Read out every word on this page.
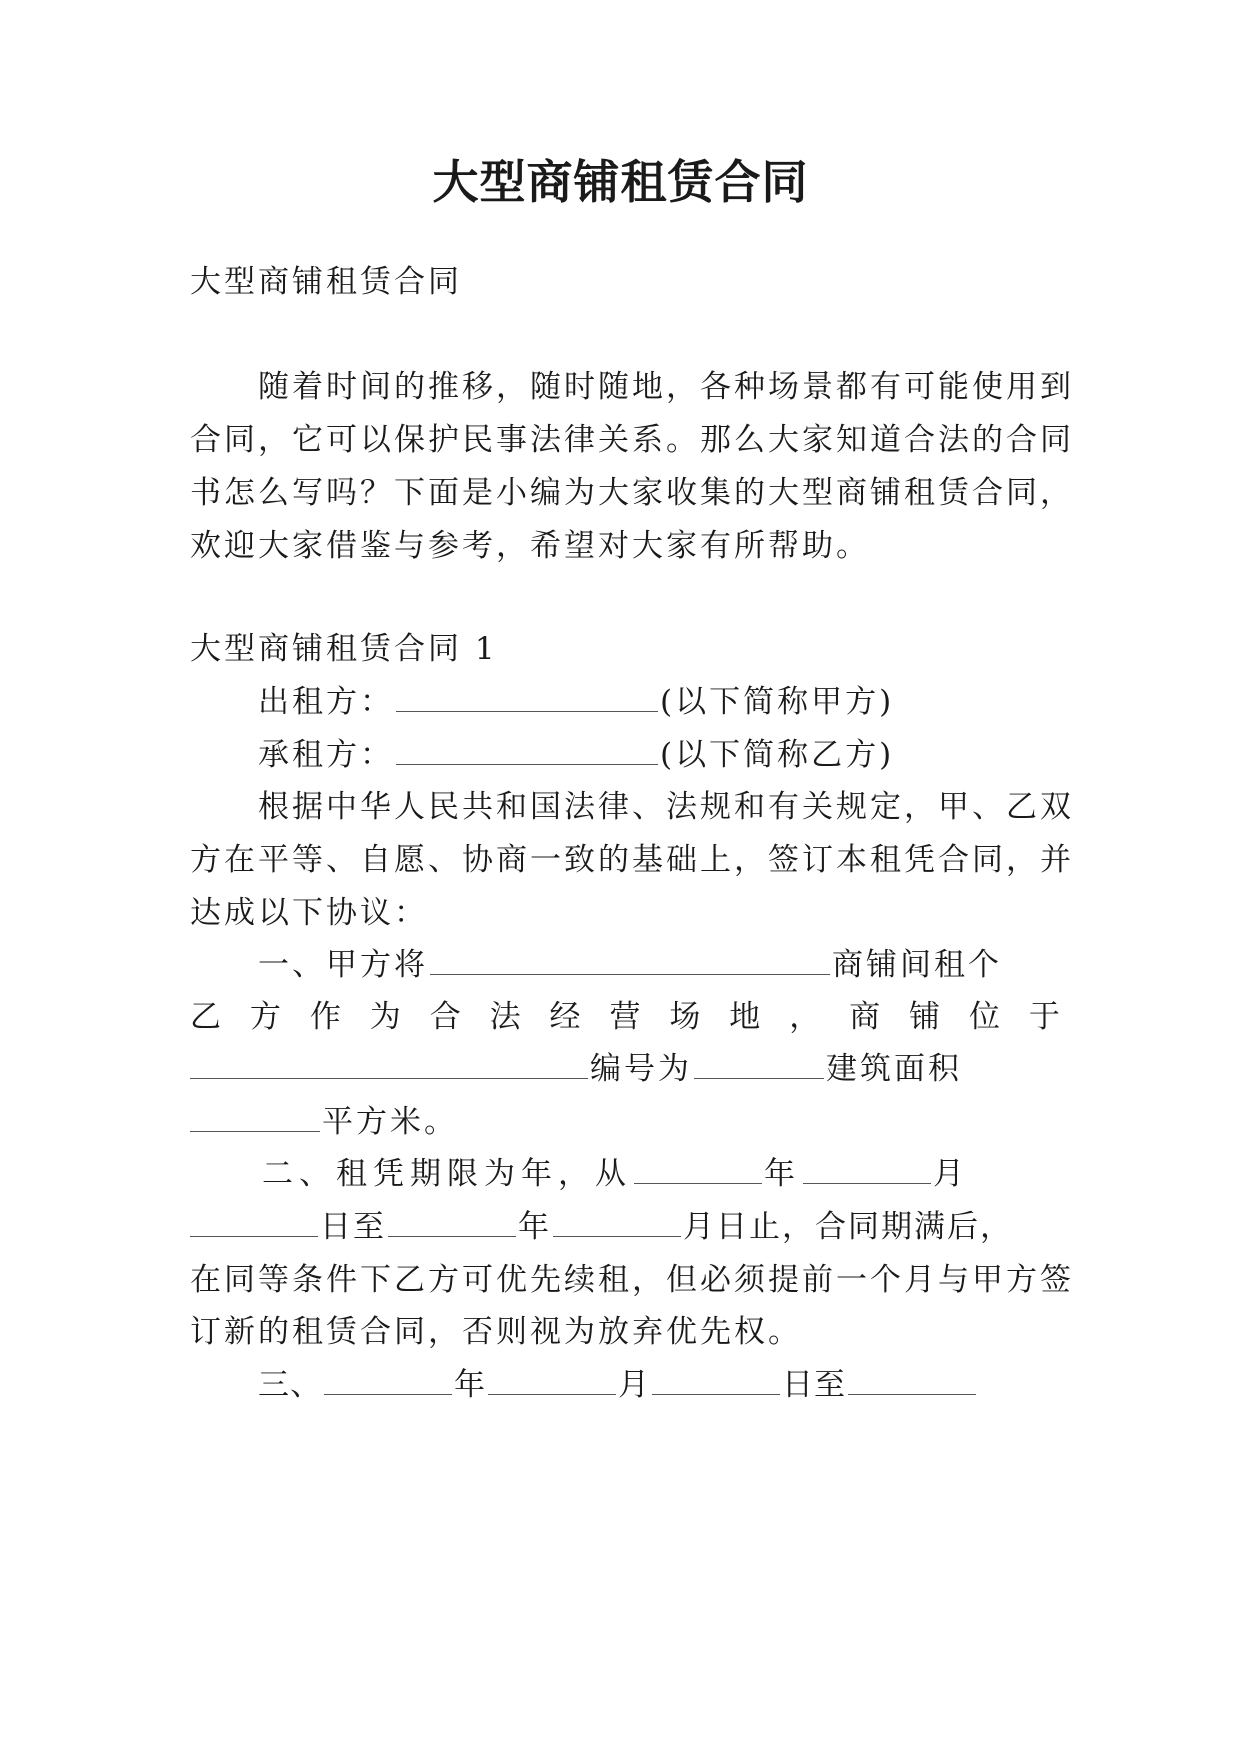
大型商铺租赁合同
大型商铺租赁合同
随着时间的推移，随时随地，各种场景都有可能使用到
合同，它可以保护民事法律关系。那么大家知道合法的合同
书怎么写吗？下面是小编为大家收集的大型商铺租赁合同，
欢迎大家借鉴与参考，希望对大家有所帮助。
大型商铺租赁合同 1
出租方：	(以下简称甲方)
承租方：	(以下简称乙方)
根据中华人民共和国法律、法规和有关规定，甲、乙双
方在平等、自愿、协商一致的基础上，签订本租凭合同，并
达成以下协议：
一、甲方将	商铺间租个
乙 方 作 为 合 法 经 营 场 地 ， 商 铺 位 于
编号为	建筑面积
平方米。
二、租凭期限为年，从	年	月
日至	年	月日止，合同期满后，
在同等条件下乙方可优先续租，但必须提前一个月与甲方签
订新的租赁合同，否则视为放弃优先权。
三、	年	月	日至
